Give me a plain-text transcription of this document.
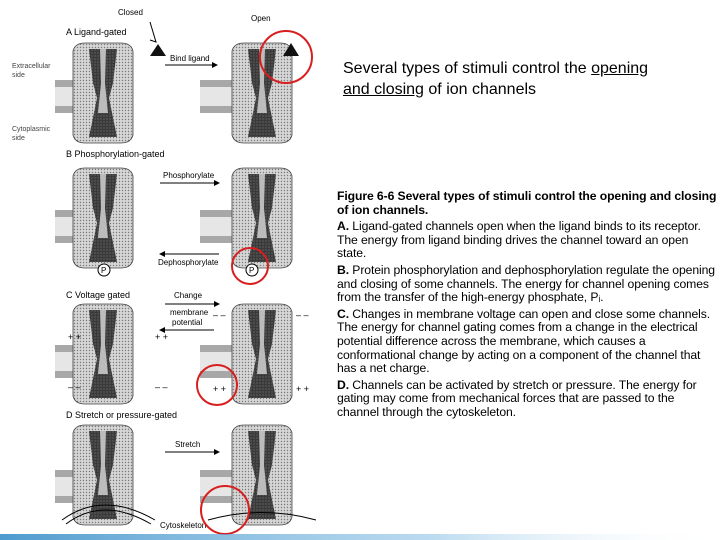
Closed
Open
A Ligand-gated
Extracellular
side
Cytoplasmic
side
Bind ligand
B Phosphorylation-gated
Phosphorylate
Dephosphorylate
P	P
C Voltage gated	Change
membrane
potential
+ +	+ +
– –	– –
– –	– –
+ +	+ +
D Stretch or pressure-gated
Stretch
Cytoskeleton
Several types of stimuli control the opening
and closing of ion channels

Figure 6-6 Several types of stimuli control the opening and closing of ion channels.

A. Ligand-gated channels open when the ligand binds to its receptor. The energy from ligand binding drives the channel toward an open state.

B. Protein phosphorylation and dephosphorylation regulate the opening and closing of some channels. The energy for channel opening comes from the transfer of the high-energy phosphate, Pᵢ.

C. Changes in membrane voltage can open and close some channels. The energy for channel gating comes from a change in the electrical potential difference across the membrane, which causes a conformational change by acting on a component of the channel that has a net charge.

D. Channels can be activated by stretch or pressure. The energy for gating may come from mechanical forces that are passed to the channel through the cytoskeleton.
